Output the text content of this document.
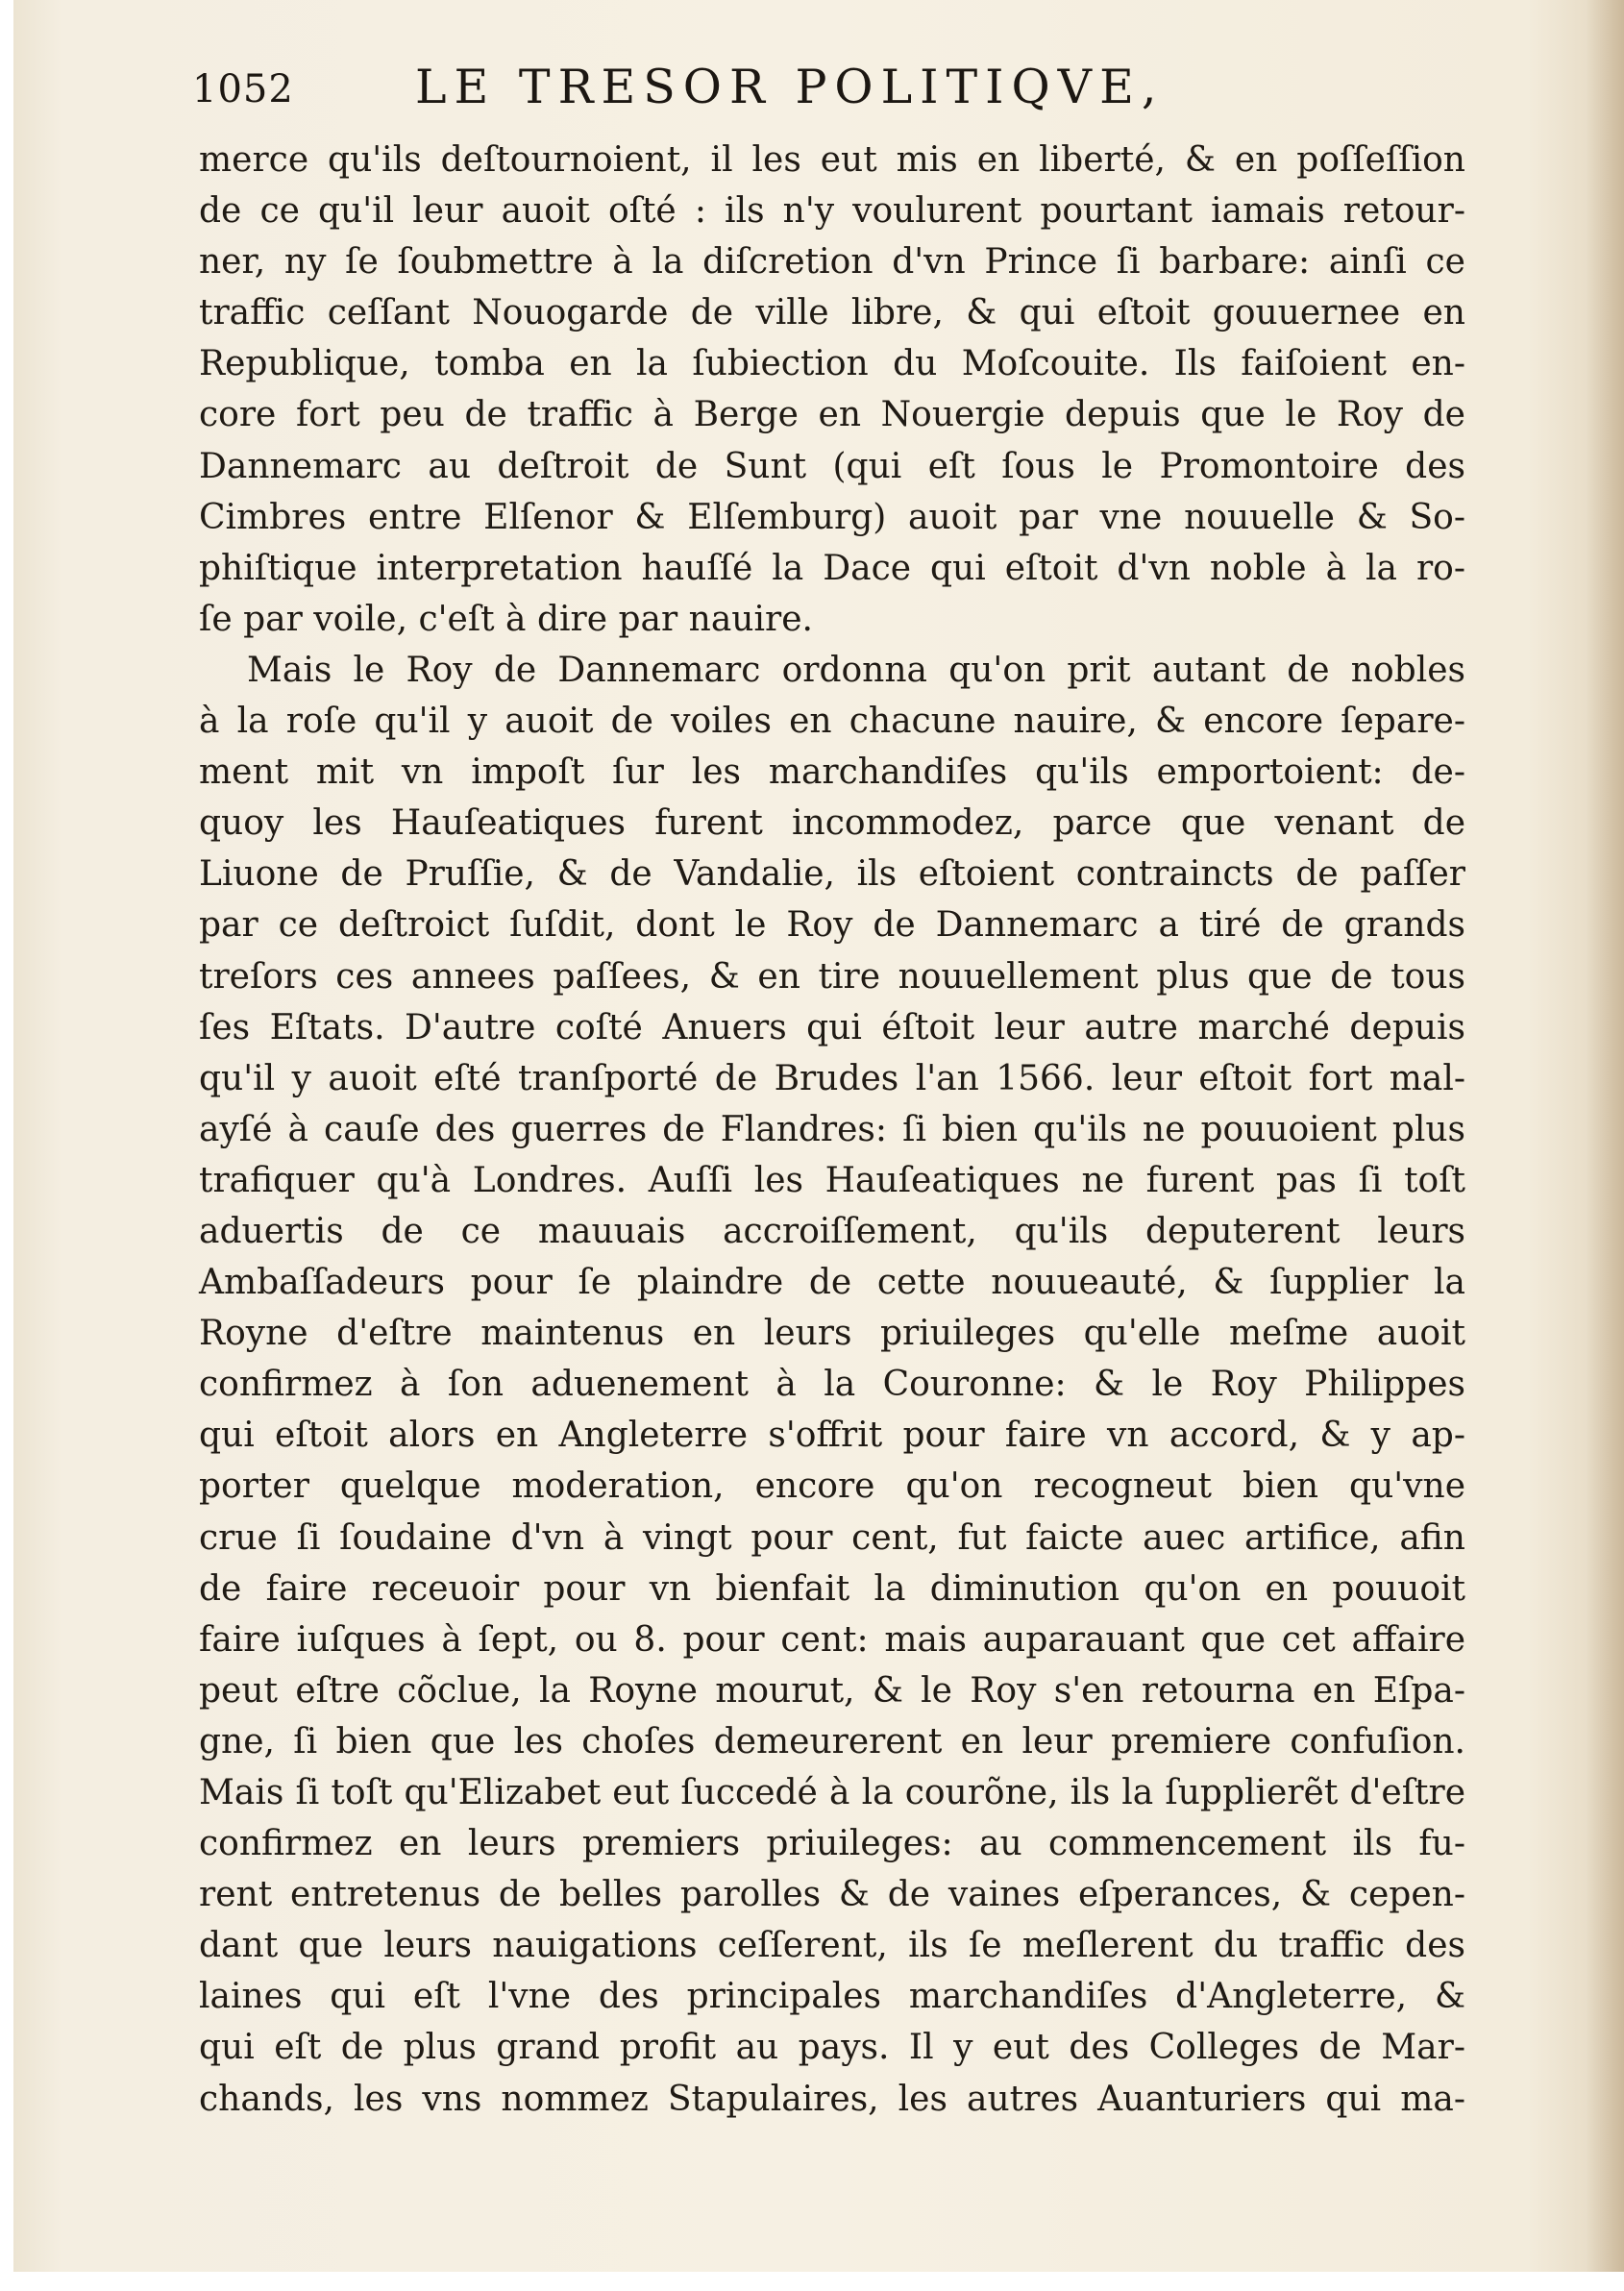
1052	LE TRESOR POLITIQVE,
merce qu'ils deſtournoient, il les eut mis en liberté, & en poſſeſſion
de ce qu'il leur auoit oſté : ils n'y voulurent pourtant iamais retour-
ner, ny ſe ſoubmettre à la diſcretion d'vn Prince ſi barbare: ainſi ce
traffic ceſſant Nouogarde de ville libre, & qui eſtoit gouuernee en
Republique, tomba en la ſubiection du Moſcouite. Ils faiſoient en-
core fort peu de traffic à Berge en Nouergie depuis que le Roy de
Dannemarc au deſtroit de Sunt (qui eſt ſous le Promontoire des
Cimbres entre Elſenor & Elſemburg) auoit par vne nouuelle & So-
phiſtique interpretation hauſſé la Dace qui eſtoit d'vn noble à la ro-
ſe par voile, c'eſt à dire par nauire.
Mais le Roy de Dannemarc ordonna qu'on prit autant de nobles
à la roſe qu'il y auoit de voiles en chacune nauire, & encore ſepare-
ment mit vn impoſt ſur les marchandiſes qu'ils emportoient: de-
quoy les Hauſeatiques furent incommodez, parce que venant de
Liuone de Pruſſie, & de Vandalie, ils eſtoient contraincts de paſſer
par ce deſtroict ſuſdit, dont le Roy de Dannemarc a tiré de grands
treſors ces annees paſſees, & en tire nouuellement plus que de tous
ſes Eſtats. D'autre coſté Anuers qui éſtoit leur autre marché depuis
qu'il y auoit eſté tranſporté de Brudes l'an 1566. leur eſtoit fort mal-
ayſé à cauſe des guerres de Flandres: ſi bien qu'ils ne pouuoient plus
trafiquer qu'à Londres. Auſſi les Hauſeatiques ne furent pas ſi toſt
aduertis de ce mauuais accroiſſement, qu'ils deputerent leurs
Ambaſſadeurs pour ſe plaindre de cette nouueauté, & ſupplier la
Royne d'eſtre maintenus en leurs priuileges qu'elle meſme auoit
confirmez à ſon aduenement à la Couronne: & le Roy Philippes
qui eſtoit alors en Angleterre s'offrit pour faire vn accord, & y ap-
porter quelque moderation, encore qu'on recogneut bien qu'vne
crue ſi ſoudaine d'vn à vingt pour cent, fut faicte auec artifice, afin
de faire receuoir pour vn bienfait la diminution qu'on en pouuoit
faire iuſques à ſept, ou 8. pour cent: mais auparauant que cet affaire
peut eſtre cõclue, la Royne mourut, & le Roy s'en retourna en Eſpa-
gne, ſi bien que les choſes demeurerent en leur premiere confuſion.
Mais ſi toſt qu'Elizabet eut ſuccedé à la courõne, ils la ſupplierẽt d'eſtre
confirmez en leurs premiers priuileges: au commencement ils fu-
rent entretenus de belles parolles & de vaines eſperances, & cepen-
dant que leurs nauigations ceſſerent, ils ſe meſlerent du traffic des
laines qui eſt l'vne des principales marchandiſes d'Angleterre, &
qui eſt de plus grand profit au pays. Il y eut des Colleges de Mar-
chands, les vns nommez Stapulaires, les autres Auanturiers qui ma-
